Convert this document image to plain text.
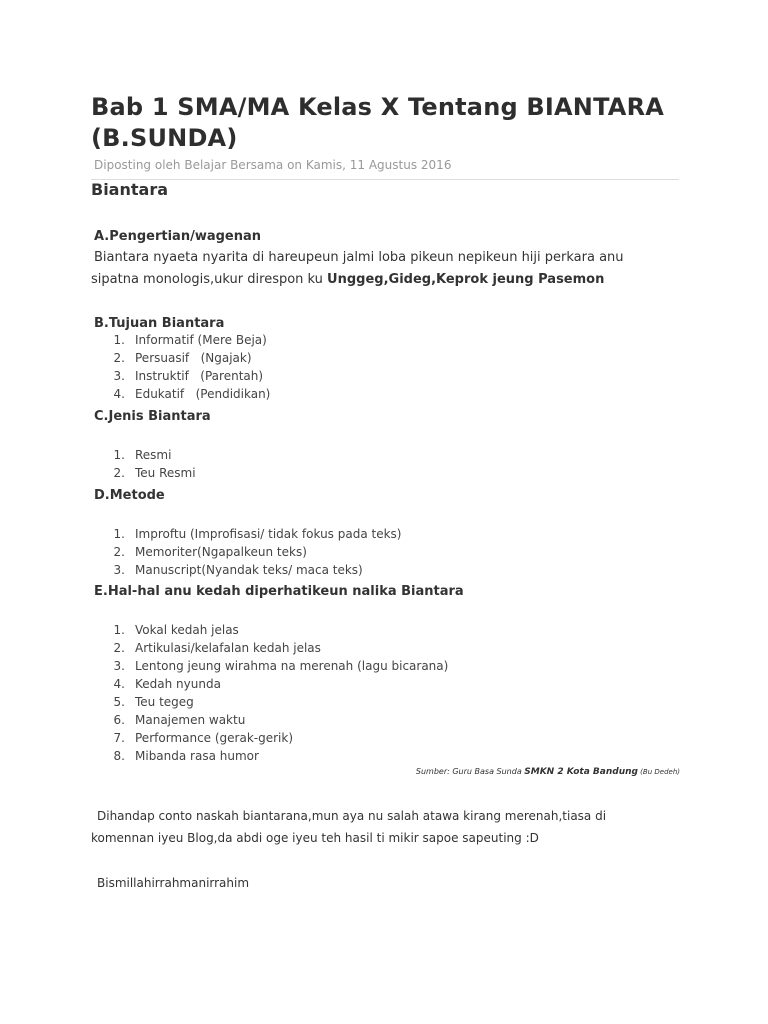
Bab 1 SMA/MA Kelas X Tentang BIANTARA (B.SUNDA)
Diposting oleh Belajar Bersama on Kamis, 11 Agustus 2016
Biantara
A.Pengertian/wagenan
Biantara nyaeta nyarita di hareupeun jalmi loba pikeun nepikeun hiji perkara anu sipatna monologis,ukur direspon ku Unggeg,Gideg,Keprok jeung Pasemon
B.Tujuan Biantara
1. Informatif (Mere Beja)
2. Persuasif   (Ngajak)
3. Instruktif   (Parentah)
4. Edukatif   (Pendidikan)
C.Jenis Biantara
1. Resmi
2. Teu Resmi
D.Metode
1. Improftu (Improfisasi/ tidak fokus pada teks)
2. Memoriter(Ngapalkeun teks)
3. Manuscript(Nyandak teks/ maca teks)
E.Hal-hal anu kedah diperhatikeun nalika Biantara
1. Vokal kedah jelas
2. Artikulasi/kelafalan kedah jelas
3. Lentong jeung wirahma na merenah (lagu bicarana)
4. Kedah nyunda
5. Teu tegeg
6. Manajemen waktu
7. Performance (gerak-gerik)
8. Mibanda rasa humor
Sumber: Guru Basa Sunda SMKN 2 Kota Bandung (Bu Dedeh)
Dihandap conto naskah biantarana,mun aya nu salah atawa kirang merenah,tiasa di komennan iyeu Blog,da abdi oge iyeu teh hasil ti mikir sapoe sapeuting :D
Bismillahirrahmanirrahim
